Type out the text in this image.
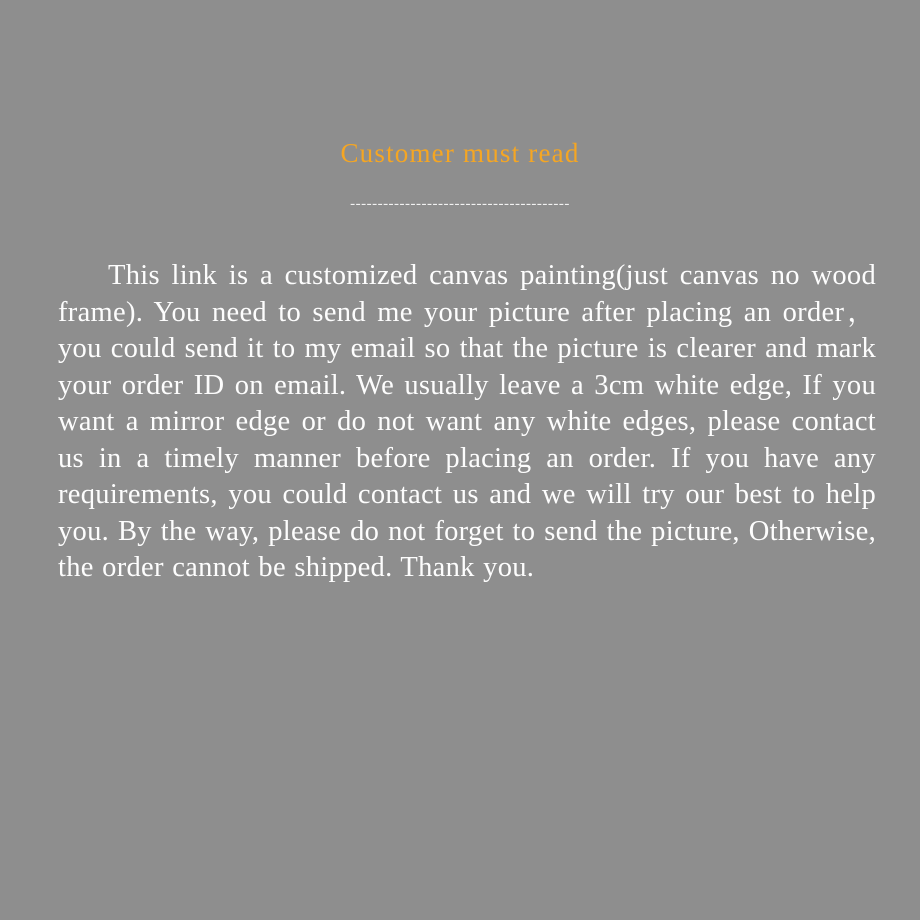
Customer must read
----------------------------------------
This link is a customized canvas painting(just canvas no wood frame). You need to send me your picture after placing an order， you could send it to my email so that the picture is clearer and mark your order ID on email. We usually leave a 3cm white edge, If you want a mirror edge or do not want any white edges, please contact us in a timely manner before placing an order. If you have any requirements, you could contact us and we will try our best to help you. By the way, please do not forget to send the picture, Otherwise, the order cannot be shipped. Thank you.
